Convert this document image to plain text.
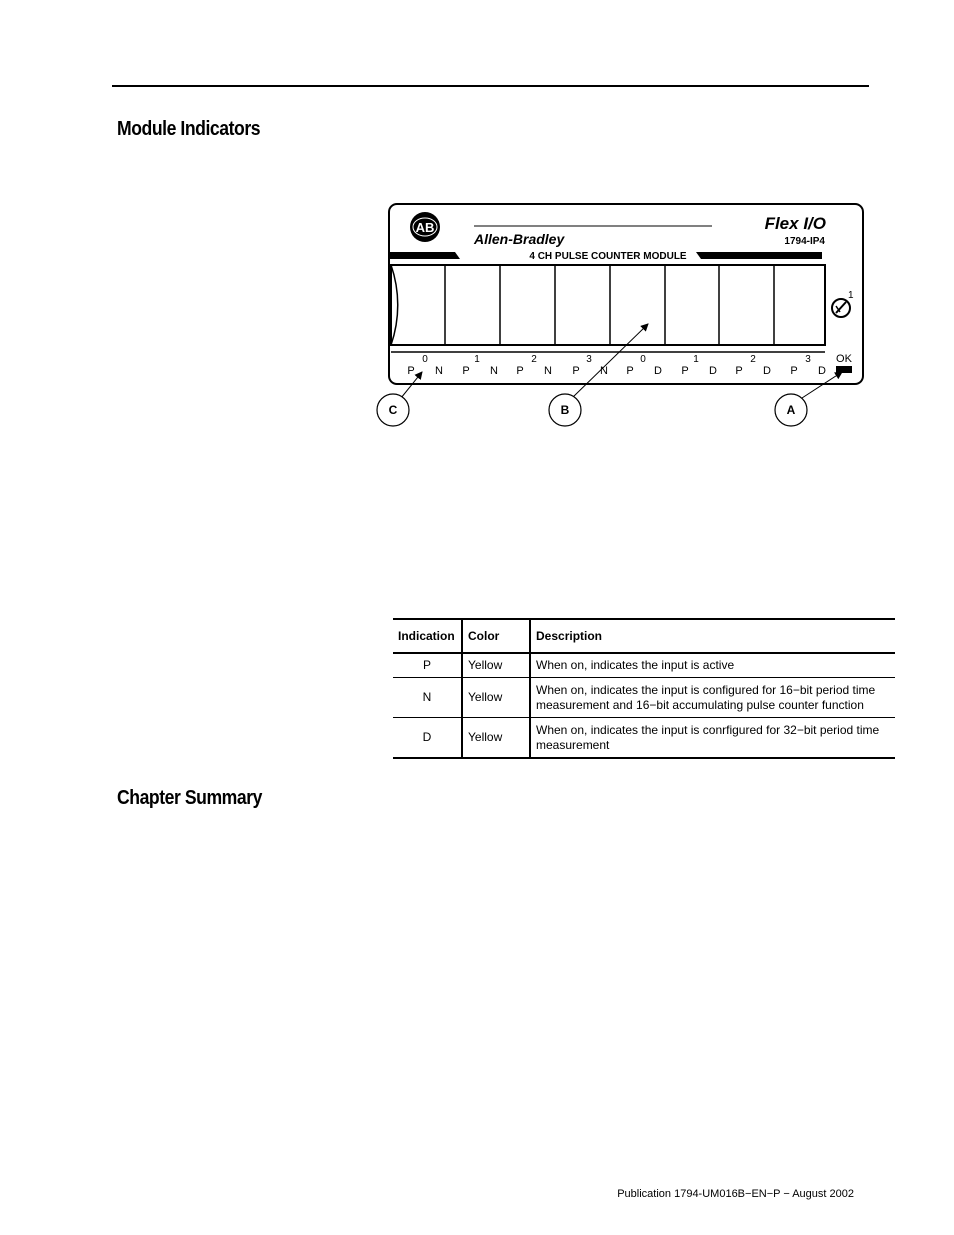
Module Indicators
AB
Allen-Bradley
Flex I/O
1794-IP4
4 CH PULSE COUNTER MODULE
1
0	1	2	3	0	1	2	3
P N P N P N P N P D P D P D P D
OK
C	B	A
Indication	Color	Description
P	Yellow	When on, indicates the input is active
N	Yellow	When on, indicates the input is configured for 16−bit period time measurement and 16−bit accumulating pulse counter function
D	Yellow	When on, indicates the input is conrfigured for 32−bit period time measurement
Chapter Summary
Publication 1794-UM016B−EN−P − August 2002
